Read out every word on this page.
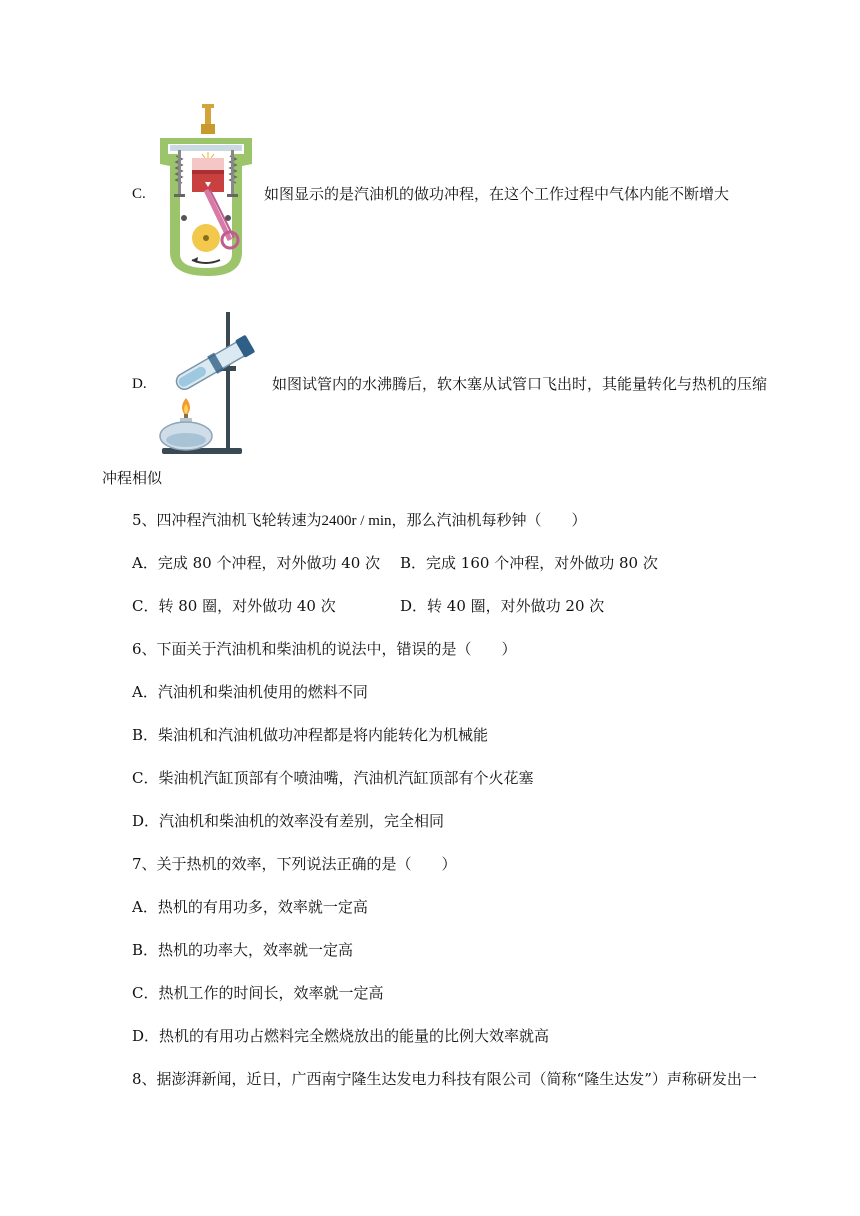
C.	如图显示的是汽油机的做功冲程，在这个工作过程中气体内能不断增大
D.	如图试管内的水沸腾后，软木塞从试管口飞出时，其能量转化与热机的压缩
冲程相似
5、四冲程汽油机飞轮转速为2400r / min，那么汽油机每秒钟（　　）
A．完成 80 个冲程，对外做功 40 次 B．完成 160 个冲程，对外做功 80 次
C．转 80 圈，对外做功 40 次	D．转 40 圈，对外做功 20 次
6、下面关于汽油机和柴油机的说法中，错误的是（　　）
A．汽油机和柴油机使用的燃料不同
B．柴油机和汽油机做功冲程都是将内能转化为机械能
C．柴油机汽缸顶部有个喷油嘴，汽油机汽缸顶部有个火花塞
D．汽油机和柴油机的效率没有差别，完全相同
7、关于热机的效率，下列说法正确的是（　　）
A．热机的有用功多，效率就一定高
B．热机的功率大，效率就一定高
C．热机工作的时间长，效率就一定高
D．热机的有用功占燃料完全燃烧放出的能量的比例大效率就高
8、据澎湃新闻，近日，广西南宁隆生达发电力科技有限公司（简称“隆生达发”）声称研发出一
